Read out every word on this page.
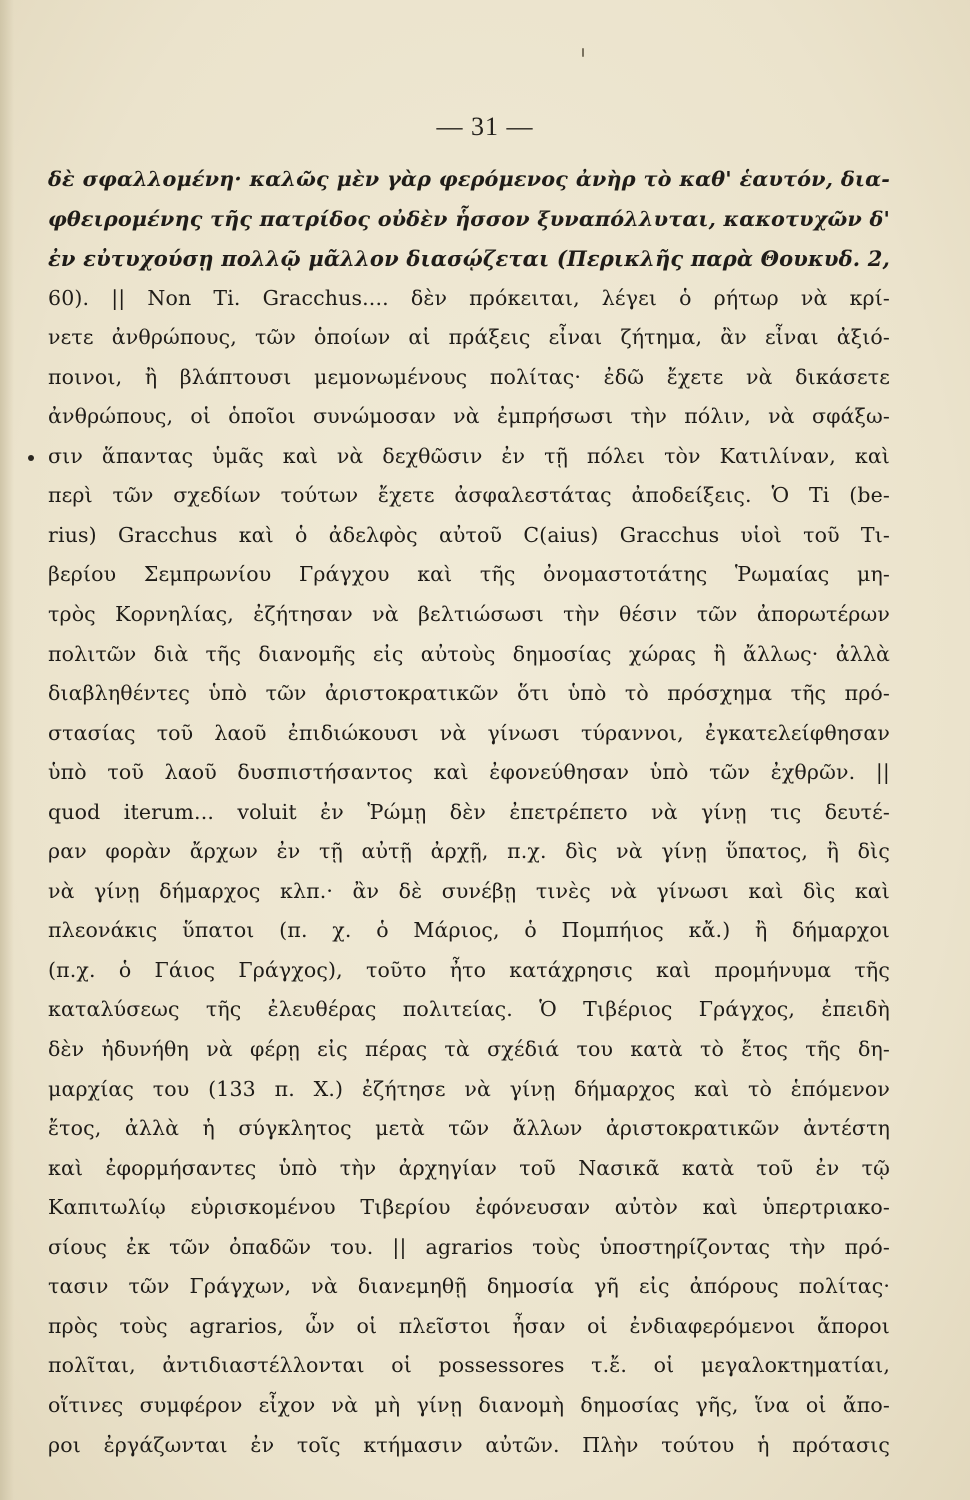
— 31 —
δὲ σφαλλομένη· καλῶς μὲν γὰρ φερόμενος ἀνὴρ τὸ καθ' ἑαυτόν, δια-
φθειρομένης τῆς πατρίδος οὐδὲν ἧσσον ξυναπόλλυται, κακοτυχῶν δ'
ἐν εὐτυχούσῃ πολλῷ μᾶλλον διασῴζεται (Περικλῆς παρὰ Θουκυδ. 2,
60). || Non Ti. Gracchus.... δὲν πρόκειται, λέγει ὁ ρήτωρ νὰ κρί-
νετε ἀνθρώπους, τῶν ὁποίων αἱ πράξεις εἶναι ζήτημα, ἂν εἶναι ἀξιό-
ποινοι, ἢ βλάπτουσι μεμονωμένους πολίτας· ἐδῶ ἔχετε νὰ δικάσετε
ἀνθρώπους, οἱ ὁποῖοι συνώμοσαν νὰ ἐμπρήσωσι τὴν πόλιν, νὰ σφάξω-
σιν ἅπαντας ὑμᾶς καὶ νὰ δεχθῶσιν ἐν τῇ πόλει τὸν Κατιλίναν, καὶ
περὶ τῶν σχεδίων τούτων ἔχετε ἀσφαλεστάτας ἀποδείξεις. Ὁ Ti (be-
rius) Gracchus καὶ ὁ ἀδελφὸς αὐτοῦ C(aius) Gracchus υἱοὶ τοῦ Τι-
βερίου Σεμπρωνίου Γράγχου καὶ τῆς ὀνομαστοτάτης Ῥωμαίας μη-
τρὸς Κορνηλίας, ἐζήτησαν νὰ βελτιώσωσι τὴν θέσιν τῶν ἀπορωτέρων
πολιτῶν διὰ τῆς διανομῆς εἰς αὐτοὺς δημοσίας χώρας ἢ ἄλλως· ἀλλὰ
διαβληθέντες ὑπὸ τῶν ἀριστοκρατικῶν ὅτι ὑπὸ τὸ πρόσχημα τῆς πρό-
στασίας τοῦ λαοῦ ἐπιδιώκουσι νὰ γίνωσι τύραννοι, ἐγκατελείφθησαν
ὑπὸ τοῦ λαοῦ δυσπιστήσαντος καὶ ἐφονεύθησαν ὑπὸ τῶν ἐχθρῶν. ||
quod iterum... voluit ἐν Ῥώμῃ δὲν ἐπετρέπετο νὰ γίνῃ τις δευτέ-
ραν φορὰν ἄρχων ἐν τῇ αὐτῇ ἀρχῇ, π.χ. δὶς νὰ γίνῃ ὕπατος, ἢ δὶς
νὰ γίνῃ δήμαρχος κλπ.· ἂν δὲ συνέβῃ τινὲς νὰ γίνωσι καὶ δὶς καὶ
πλεονάκις ὕπατοι (π. χ. ὁ Μάριος, ὁ Πομπήιος κἄ.) ἢ δήμαρχοι
(π.χ. ὁ Γάιος Γράγχος), τοῦτο ἦτο κατάχρησις καὶ προμήνυμα τῆς
καταλύσεως τῆς ἐλευθέρας πολιτείας. Ὁ Τιβέριος Γράγχος, ἐπειδὴ
δὲν ἠδυνήθη νὰ φέρῃ εἰς πέρας τὰ σχέδιά του κατὰ τὸ ἔτος τῆς δη-
μαρχίας του (133 π. Χ.) ἐζήτησε νὰ γίνῃ δήμαρχος καὶ τὸ ἑπόμενον
ἔτος, ἀλλὰ ἡ σύγκλητος μετὰ τῶν ἄλλων ἀριστοκρατικῶν ἀντέστη
καὶ ἐφορμήσαντες ὑπὸ τὴν ἀρχηγίαν τοῦ Νασικᾶ κατὰ τοῦ ἐν τῷ
Καπιτωλίῳ εὑρισκομένου Τιβερίου ἐφόνευσαν αὐτὸν καὶ ὑπερτριακο-
σίους ἐκ τῶν ὀπαδῶν του. || agrarios τοὺς ὑποστηρίζοντας τὴν πρό-
τασιν τῶν Γράγχων, νὰ διανεμηθῇ δημοσία γῆ εἰς ἀπόρους πολίτας·
πρὸς τοὺς agrarios, ὧν οἱ πλεῖστοι ἦσαν οἱ ἐνδιαφερόμενοι ἄποροι
πολῖται, ἀντιδιαστέλλονται οἱ possessores τ.ἔ. οἱ μεγαλοκτηματίαι,
οἵτινες συμφέρον εἶχον νὰ μὴ γίνῃ διανομὴ δημοσίας γῆς, ἵνα οἱ ἄπο-
ροι ἐργάζωνται ἐν τοῖς κτήμασιν αὐτῶν. Πλὴν τούτου ἡ πρότασις
